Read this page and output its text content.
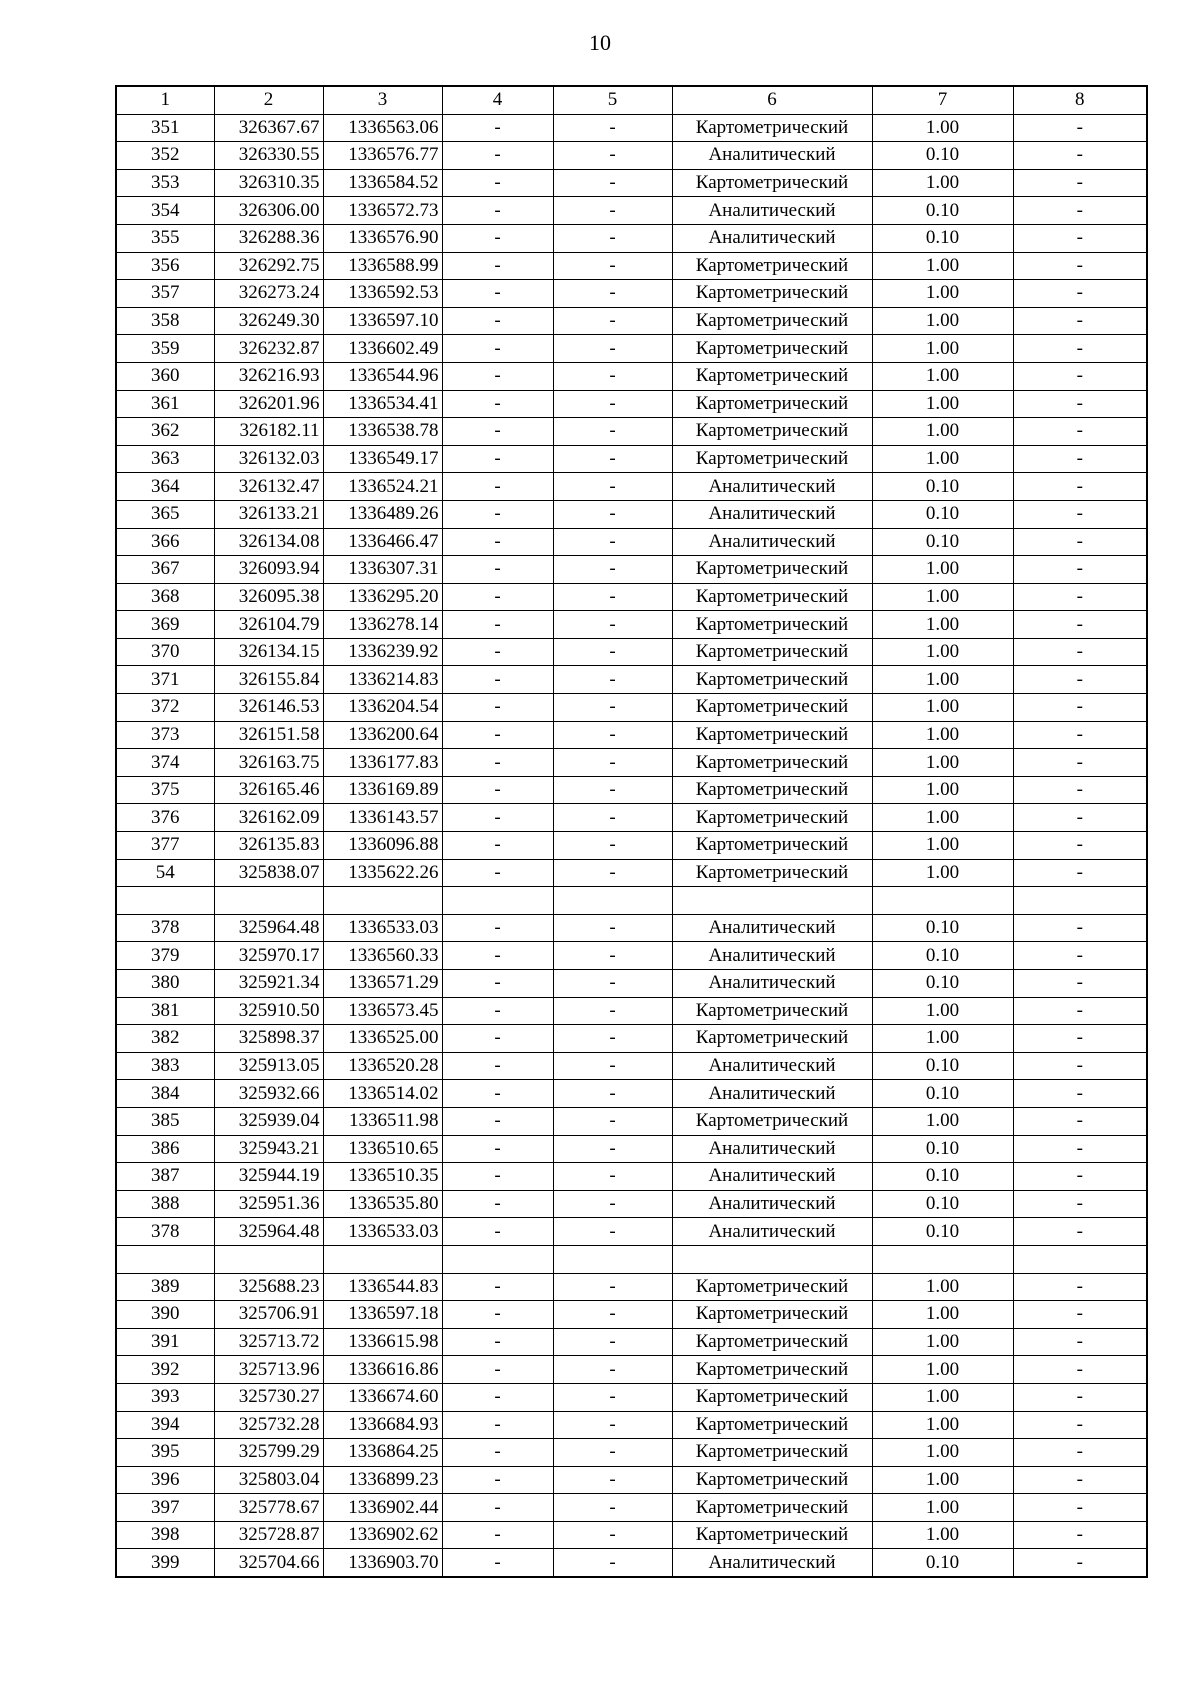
10
1	2	3	4	5	6	7	8
351	326367.67	1336563.06	-	-	Картометрический	1.00	-
352	326330.55	1336576.77	-	-	Аналитический	0.10	-
353	326310.35	1336584.52	-	-	Картометрический	1.00	-
354	326306.00	1336572.73	-	-	Аналитический	0.10	-
355	326288.36	1336576.90	-	-	Аналитический	0.10	-
356	326292.75	1336588.99	-	-	Картометрический	1.00	-
357	326273.24	1336592.53	-	-	Картометрический	1.00	-
358	326249.30	1336597.10	-	-	Картометрический	1.00	-
359	326232.87	1336602.49	-	-	Картометрический	1.00	-
360	326216.93	1336544.96	-	-	Картометрический	1.00	-
361	326201.96	1336534.41	-	-	Картометрический	1.00	-
362	326182.11	1336538.78	-	-	Картометрический	1.00	-
363	326132.03	1336549.17	-	-	Картометрический	1.00	-
364	326132.47	1336524.21	-	-	Аналитический	0.10	-
365	326133.21	1336489.26	-	-	Аналитический	0.10	-
366	326134.08	1336466.47	-	-	Аналитический	0.10	-
367	326093.94	1336307.31	-	-	Картометрический	1.00	-
368	326095.38	1336295.20	-	-	Картометрический	1.00	-
369	326104.79	1336278.14	-	-	Картометрический	1.00	-
370	326134.15	1336239.92	-	-	Картометрический	1.00	-
371	326155.84	1336214.83	-	-	Картометрический	1.00	-
372	326146.53	1336204.54	-	-	Картометрический	1.00	-
373	326151.58	1336200.64	-	-	Картометрический	1.00	-
374	326163.75	1336177.83	-	-	Картометрический	1.00	-
375	326165.46	1336169.89	-	-	Картометрический	1.00	-
376	326162.09	1336143.57	-	-	Картометрический	1.00	-
377	326135.83	1336096.88	-	-	Картометрический	1.00	-
54	325838.07	1335622.26	-	-	Картометрический	1.00	-

378	325964.48	1336533.03	-	-	Аналитический	0.10	-
379	325970.17	1336560.33	-	-	Аналитический	0.10	-
380	325921.34	1336571.29	-	-	Аналитический	0.10	-
381	325910.50	1336573.45	-	-	Картометрический	1.00	-
382	325898.37	1336525.00	-	-	Картометрический	1.00	-
383	325913.05	1336520.28	-	-	Аналитический	0.10	-
384	325932.66	1336514.02	-	-	Аналитический	0.10	-
385	325939.04	1336511.98	-	-	Картометрический	1.00	-
386	325943.21	1336510.65	-	-	Аналитический	0.10	-
387	325944.19	1336510.35	-	-	Аналитический	0.10	-
388	325951.36	1336535.80	-	-	Аналитический	0.10	-
378	325964.48	1336533.03	-	-	Аналитический	0.10	-

389	325688.23	1336544.83	-	-	Картометрический	1.00	-
390	325706.91	1336597.18	-	-	Картометрический	1.00	-
391	325713.72	1336615.98	-	-	Картометрический	1.00	-
392	325713.96	1336616.86	-	-	Картометрический	1.00	-
393	325730.27	1336674.60	-	-	Картометрический	1.00	-
394	325732.28	1336684.93	-	-	Картометрический	1.00	-
395	325799.29	1336864.25	-	-	Картометрический	1.00	-
396	325803.04	1336899.23	-	-	Картометрический	1.00	-
397	325778.67	1336902.44	-	-	Картометрический	1.00	-
398	325728.87	1336902.62	-	-	Картометрический	1.00	-
399	325704.66	1336903.70	-	-	Аналитический	0.10	-
